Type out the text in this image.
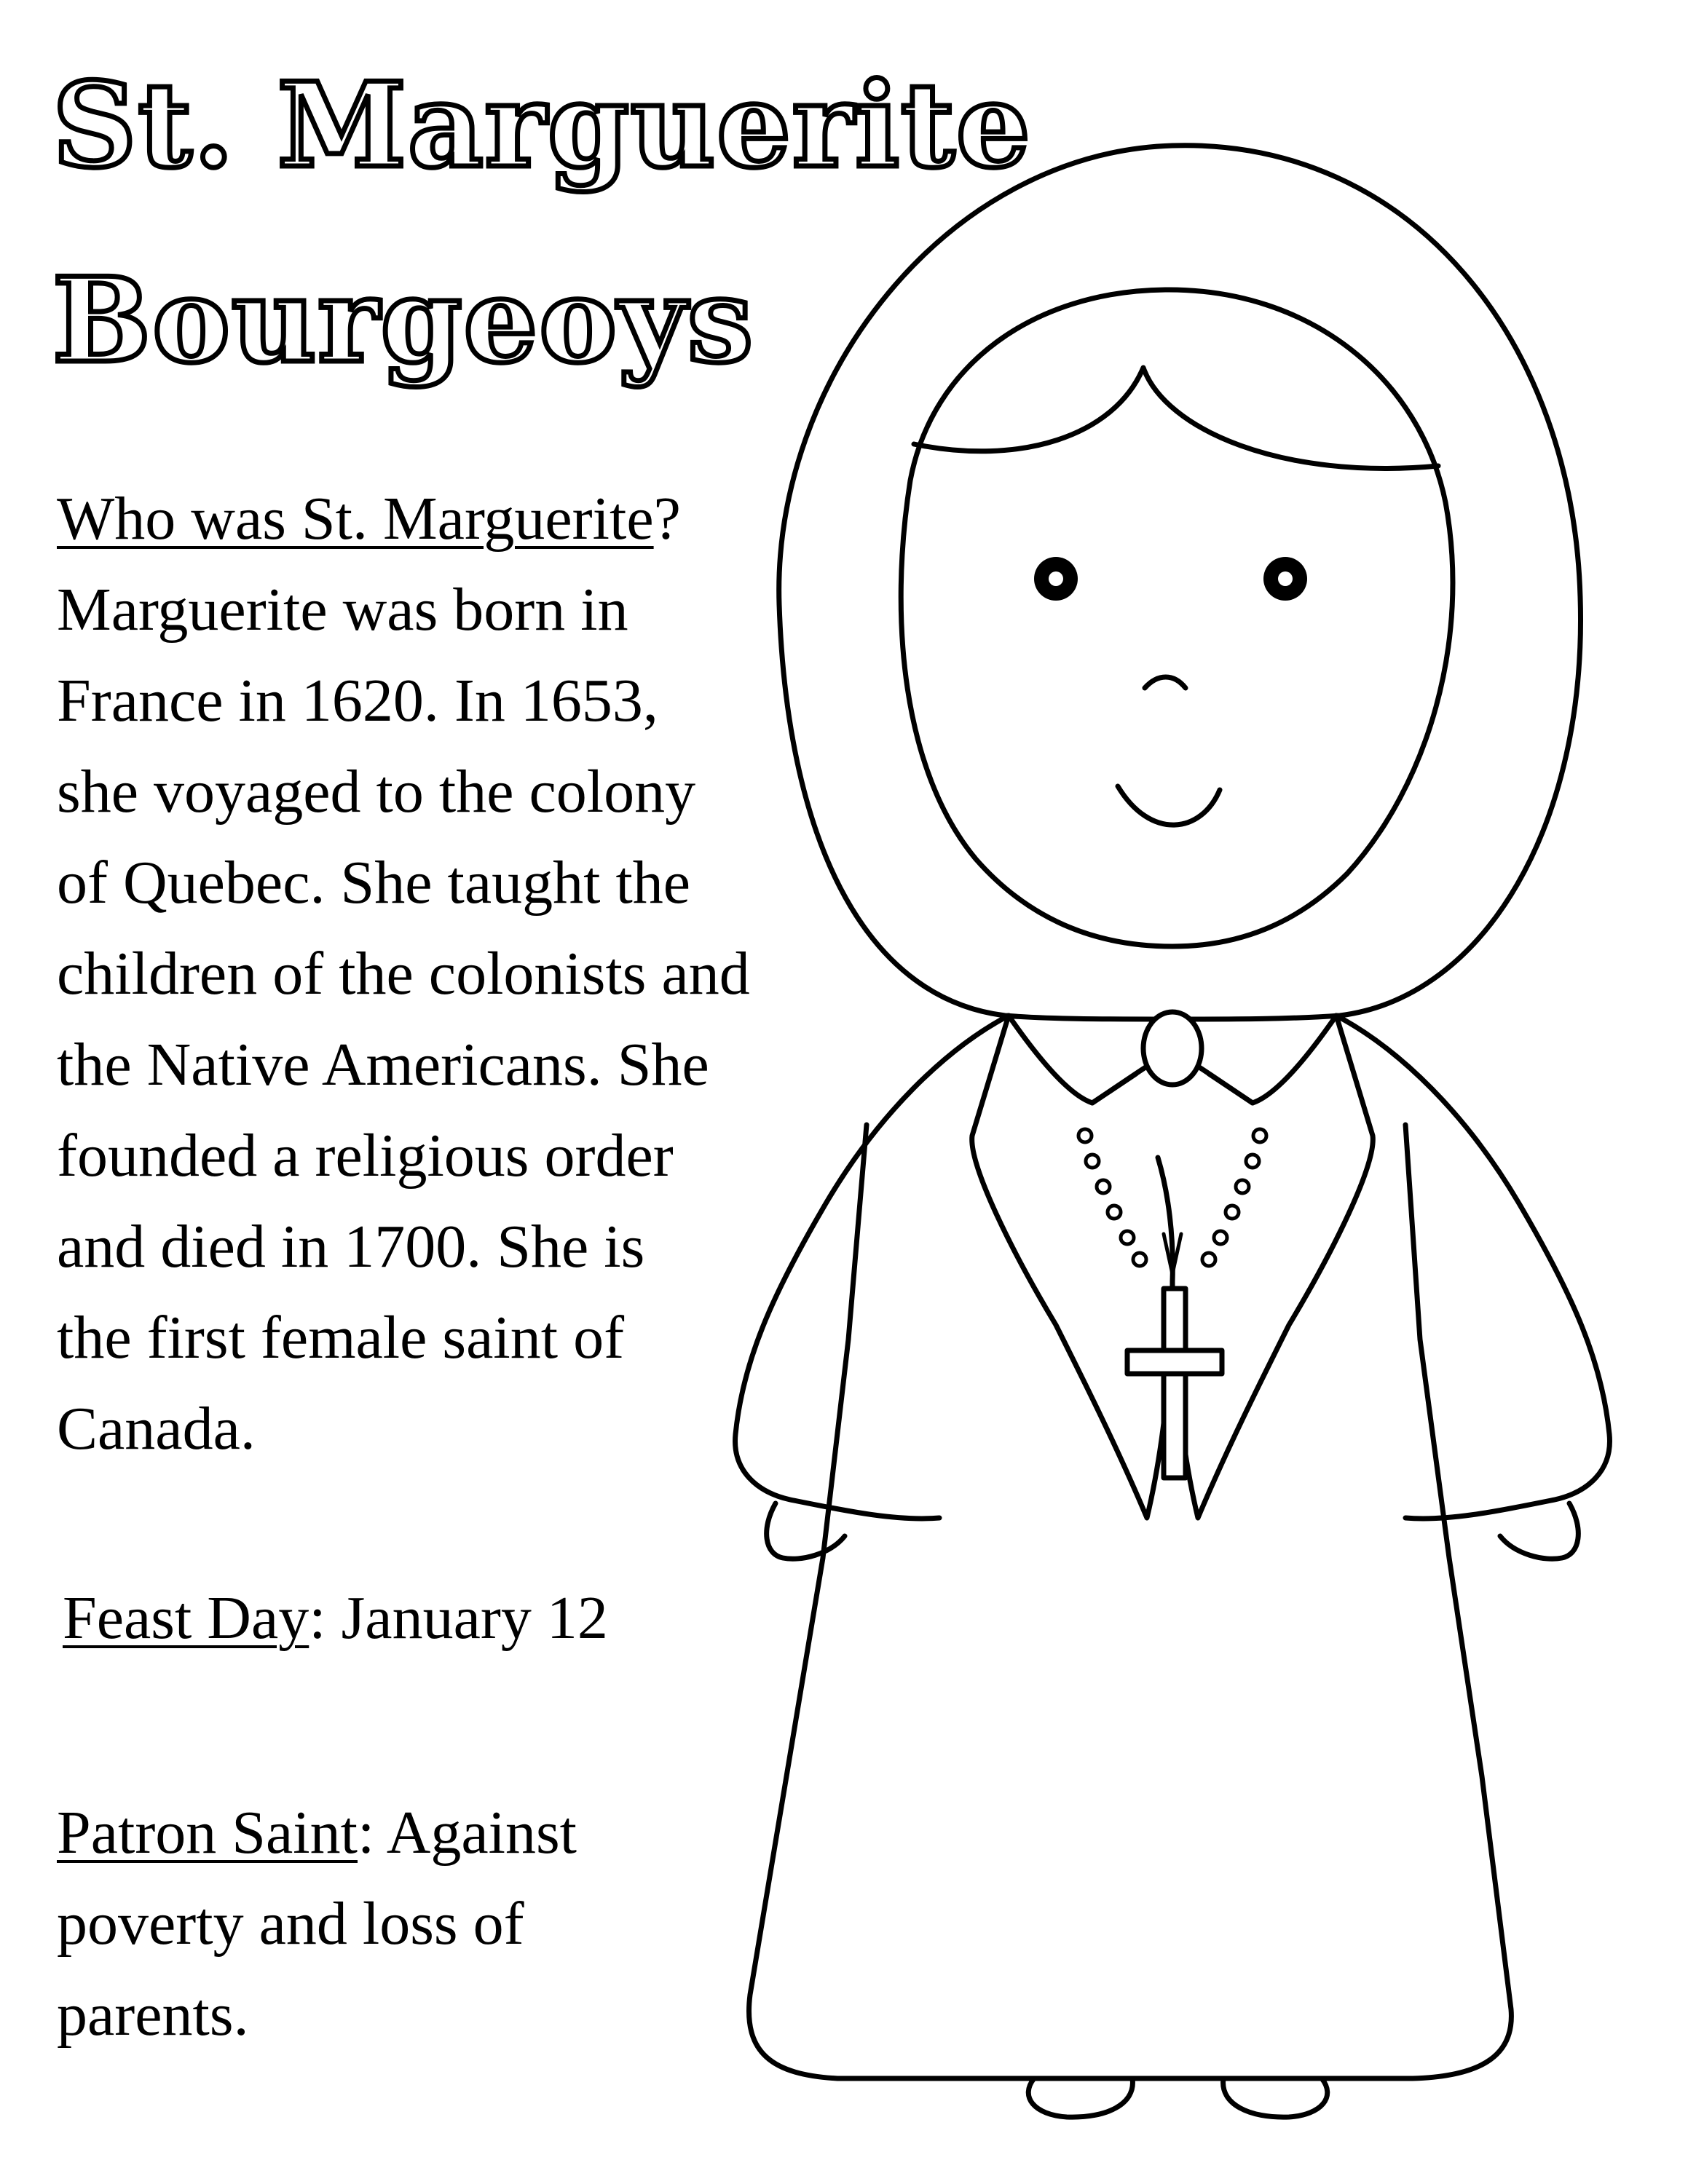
St. Marguerite
Bourgeoys
Who was St. Marguerite?
Marguerite was born in
France in 1620. In 1653,
she voyaged to the colony
of Quebec. She taught the
children of the colonists and
the Native Americans. She
founded a religious order
and died in 1700. She is
the first female saint of
Canada.
Feast Day: January 12
Patron Saint: Against
poverty and loss of
parents.
